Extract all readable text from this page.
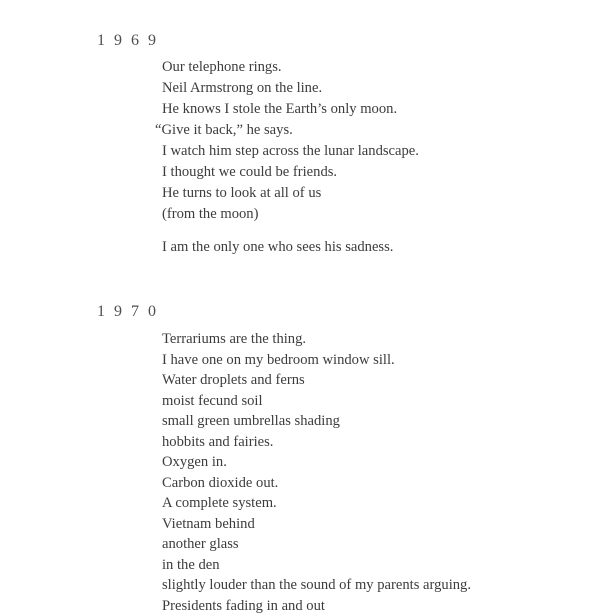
1969
Our telephone rings.
Neil Armstrong on the line.
He knows I stole the Earth’s only moon.
“Give it back,” he says.
I watch him step across the lunar landscape.
I thought we could be friends.
He turns to look at all of us
(from the moon)
I am the only one who sees his sadness.
1970
Terrariums are the thing.
I have one on my bedroom window sill.
Water droplets and ferns
moist fecund soil
small green umbrellas shading
hobbits and fairies.
Oxygen in.
Carbon dioxide out.
A complete system.
Vietnam behind
another glass
in the den
slightly louder than the sound of my parents arguing.
Presidents fading in and out
